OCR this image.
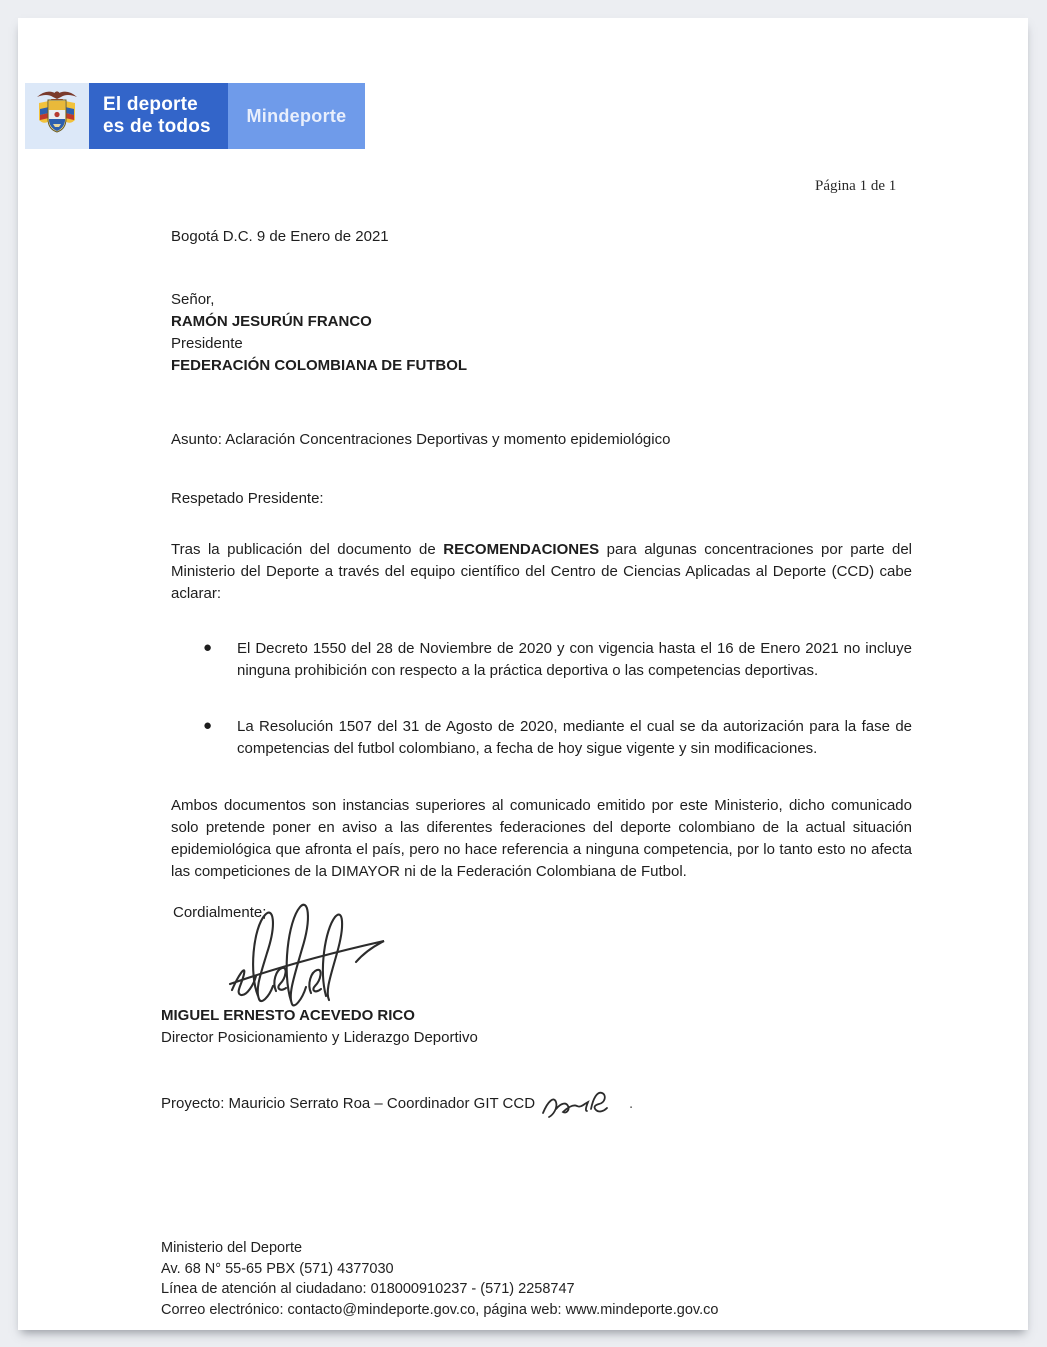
El deporte
es de todos
Mindeporte
Página 1 de 1
Bogotá D.C. 9 de Enero de 2021
Señor,
RAMÓN JESURÚN FRANCO
Presidente
FEDERACIÓN COLOMBIANA DE FUTBOL
Asunto: Aclaración Concentraciones Deportivas y momento epidemiológico
Respetado Presidente:
Tras la publicación del documento de RECOMENDACIONES para algunas concentraciones por parte del Ministerio del Deporte a través del equipo científico del Centro de Ciencias Aplicadas al Deporte (CCD) cabe aclarar:
● El Decreto 1550 del 28 de Noviembre de 2020 y con vigencia hasta el 16 de Enero 2021 no incluye ninguna prohibición con respecto a la práctica deportiva o las competencias deportivas.
● La Resolución 1507 del 31 de Agosto de 2020, mediante el cual se da autorización para la fase de competencias del futbol colombiano, a fecha de hoy sigue vigente y sin modificaciones.
Ambos documentos son instancias superiores al comunicado emitido por este Ministerio, dicho comunicado solo pretende poner en aviso a las diferentes federaciones del deporte colombiano de la actual situación epidemiológica que afronta el país, pero no hace referencia a ninguna competencia, por lo tanto esto no afecta las competiciones de la DIMAYOR ni de la Federación Colombiana de Futbol.
Cordialmente;
MIGUEL ERNESTO ACEVEDO RICO
Director Posicionamiento y Liderazgo Deportivo
Proyecto: Mauricio Serrato Roa – Coordinador GIT CCD	.
Ministerio del Deporte
Av. 68 N° 55-65 PBX (571) 4377030
Línea de atención al ciudadano: 018000910237 - (571) 2258747
Correo electrónico: contacto@mindeporte.gov.co, página web: www.mindeporte.gov.co
